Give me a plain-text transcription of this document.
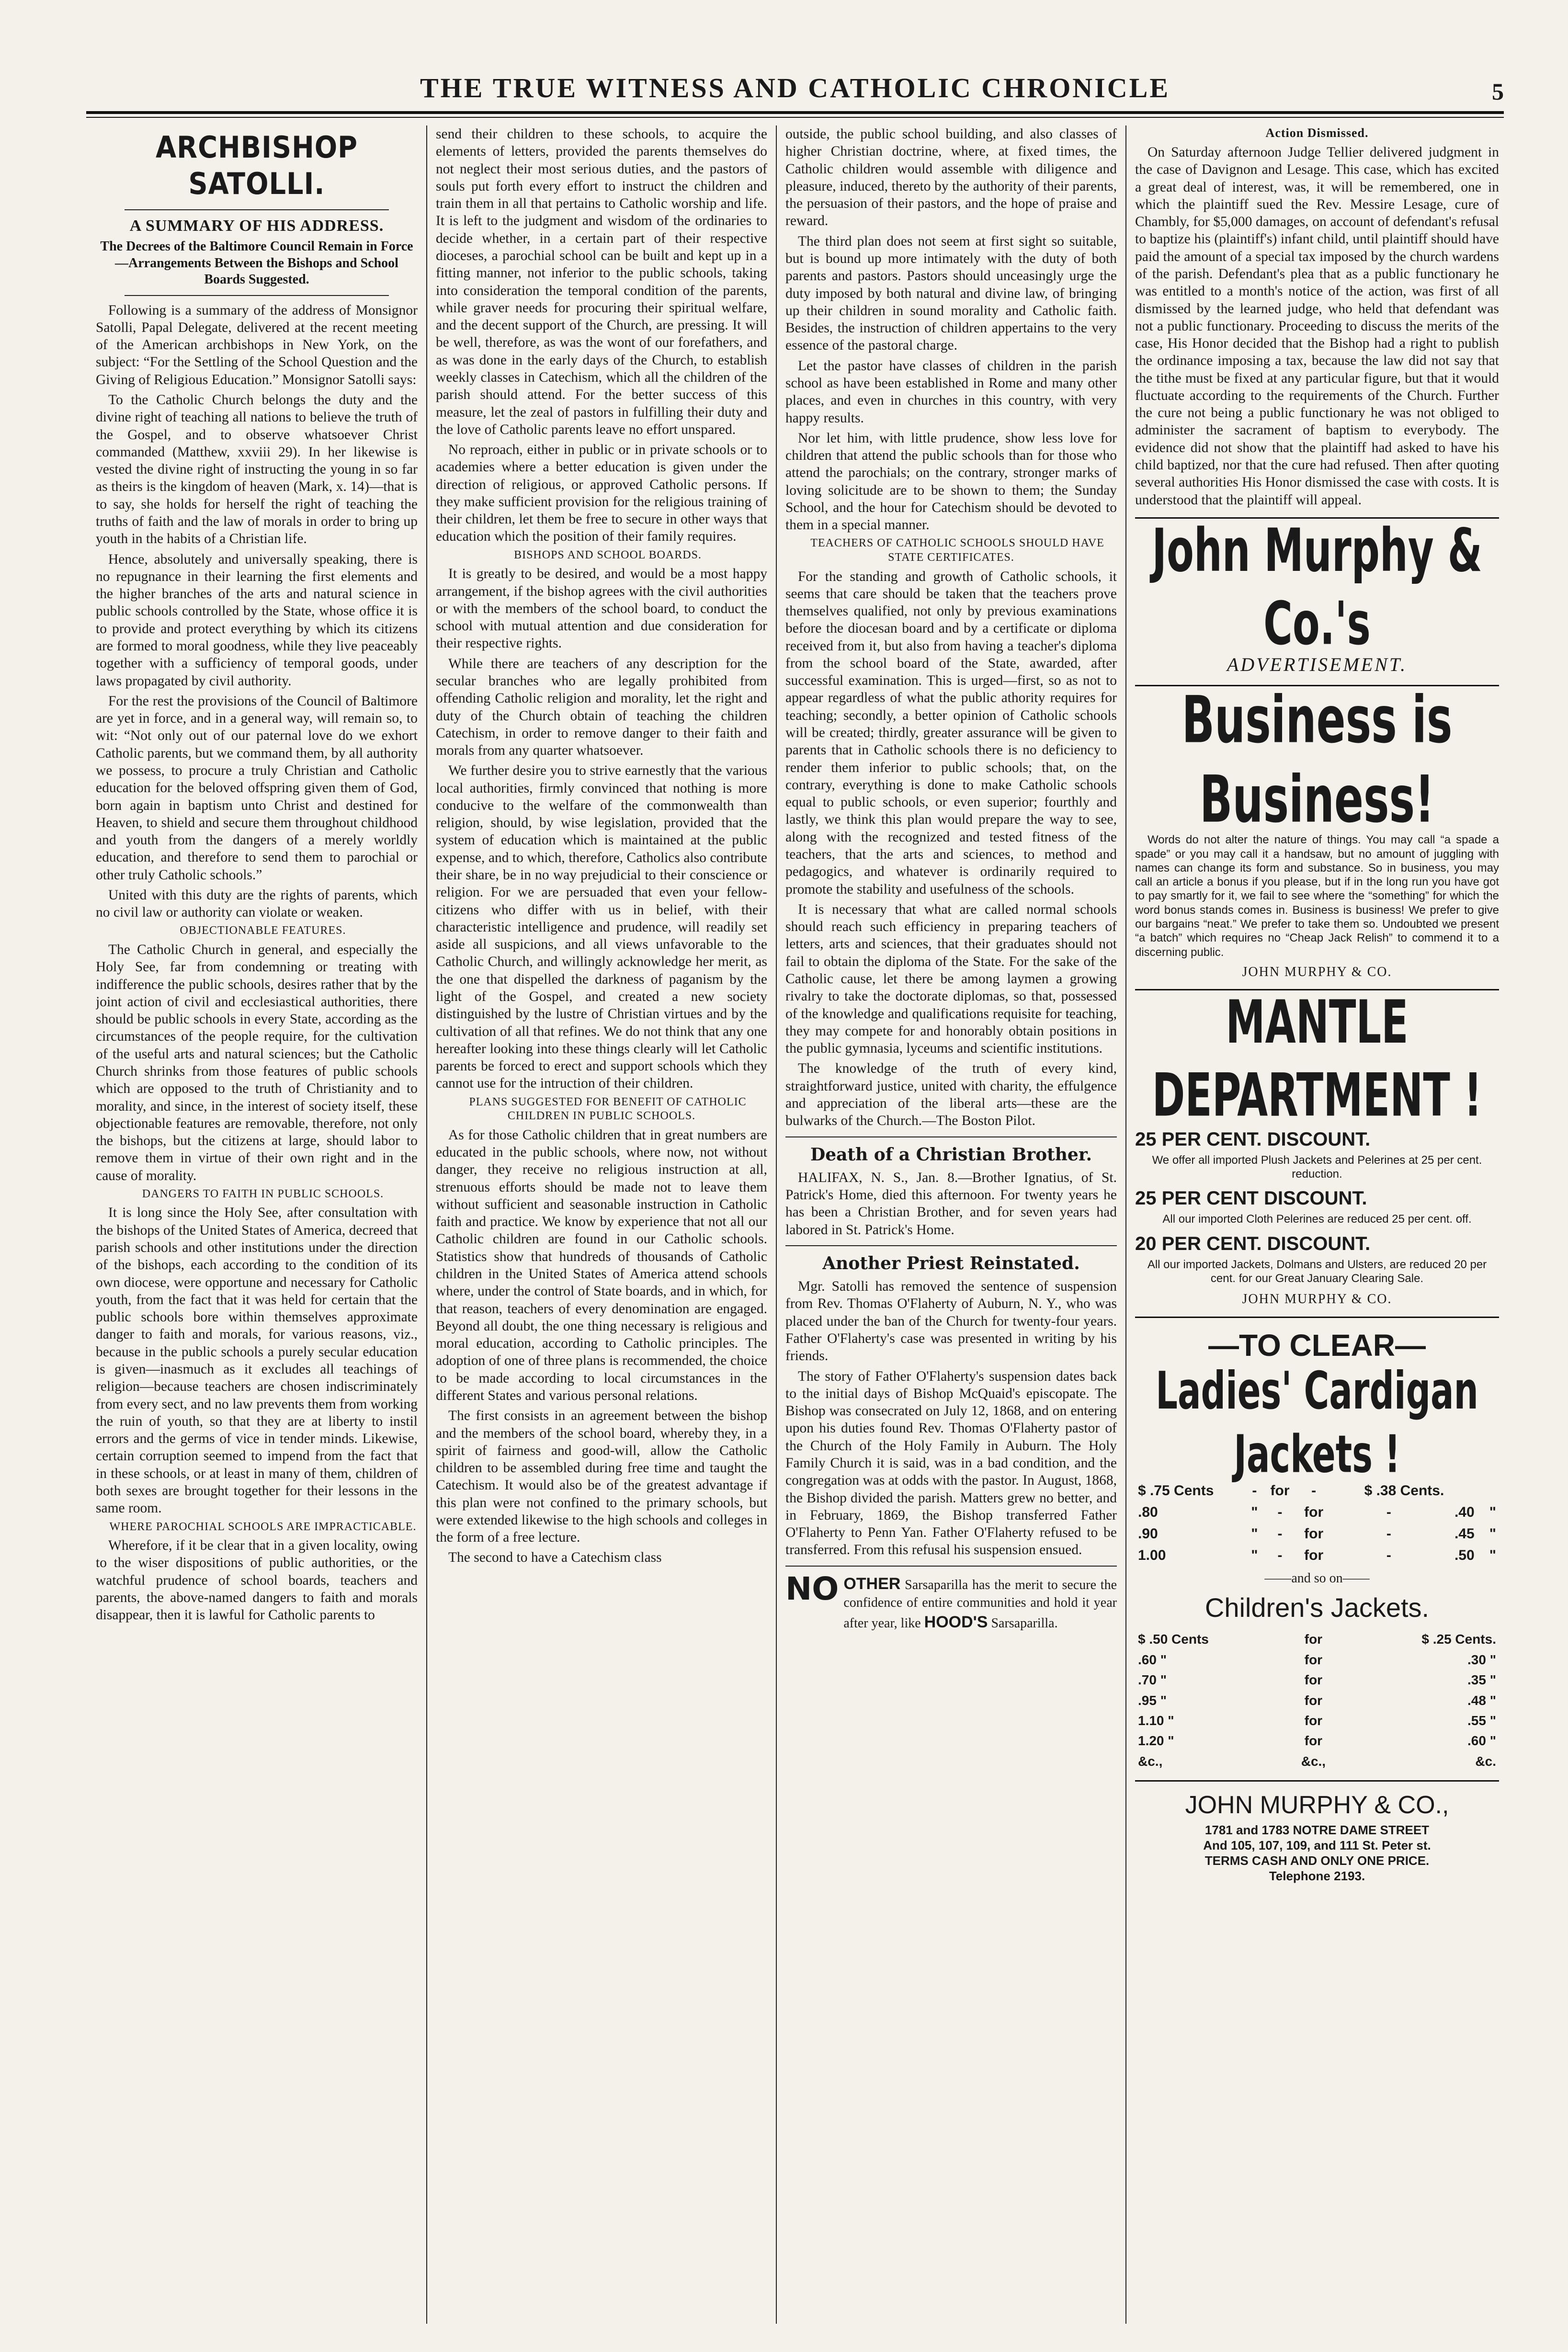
THE TRUE WITNESS AND CATHOLIC CHRONICLE	5
ARCHBISHOP SATOLLI.
A SUMMARY OF HIS ADDRESS.
The Decrees of the Baltimore Council Remain in Force—Arrangements Between the Bishops and School Boards Suggested.

Following is a summary of the address of Monsignor Satolli, Papal Delegate, delivered at the recent meeting of the American archbishops in New York, on the subject: “For the Settling of the School Question and the Giving of Religious Education.” Monsignor Satolli says:

To the Catholic Church belongs the duty and the divine right of teaching all nations to believe the truth of the Gospel, and to observe whatsoever Christ commanded (Matthew, xxviii 29). In her likewise is vested the divine right of instructing the young in so far as theirs is the kingdom of heaven (Mark, x. 14)—that is to say, she holds for herself the right of teaching the truths of faith and the law of morals in order to bring up youth in the habits of a Christian life.

Hence, absolutely and universally speaking, there is no repugnance in their learning the first elements and the higher branches of the arts and natural science in public schools controlled by the State, whose office it is to provide and protect everything by which its citizens are formed to moral goodness, while they live peaceably together with a sufficiency of temporal goods, under laws propagated by civil authority.

For the rest the provisions of the Council of Baltimore are yet in force, and in a general way, will remain so, to wit: “Not only out of our paternal love do we exhort Catholic parents, but we command them, by all authority we possess, to procure a truly Christian and Catholic education for the beloved offspring given them of God, born again in baptism unto Christ and destined for Heaven, to shield and secure them throughout childhood and youth from the dangers of a merely worldly education, and therefore to send them to parochial or other truly Catholic schools.”

United with this duty are the rights of parents, which no civil law or authority can violate or weaken.

OBJECTIONABLE FEATURES.

The Catholic Church in general, and especially the Holy See, far from condemning or treating with indifference the public schools, desires rather that by the joint action of civil and ecclesiastical authorities, there should be public schools in every State, according as the circumstances of the people require, for the cultivation of the useful arts and natural sciences; but the Catholic Church shrinks from those features of public schools which are opposed to the truth of Christianity and to morality, and since, in the interest of society itself, these objectionable features are removable, therefore, not only the bishops, but the citizens at large, should labor to remove them in virtue of their own right and in the cause of morality.

DANGERS TO FAITH IN PUBLIC SCHOOLS.

It is long since the Holy See, after consultation with the bishops of the United States of America, decreed that parish schools and other institutions under the direction of the bishops, each according to the condition of its own diocese, were opportune and necessary for Catholic youth, from the fact that it was held for certain that the public schools bore within themselves approximate danger to faith and morals, for various reasons, viz., because in the public schools a purely secular education is given—inasmuch as it excludes all teachings of religion—because teachers are chosen indiscriminately from every sect, and no law prevents them from working the ruin of youth, so that they are at liberty to instil errors and the germs of vice in tender minds. Likewise, certain corruption seemed to impend from the fact that in these schools, or at least in many of them, children of both sexes are brought together for their lessons in the same room.

WHERE PAROCHIAL SCHOOLS ARE IMPRACTICABLE.

Wherefore, if it be clear that in a given locality, owing to the wiser dispositions of public authorities, or the watchful prudence of school boards, teachers and parents, the above-named dangers to faith and morals disappear, then it is lawful for Catholic parents to

send their children to these schools, to acquire the elements of letters, provided the parents themselves do not neglect their most serious duties, and the pastors of souls put forth every effort to instruct the children and train them in all that pertains to Catholic worship and life. It is left to the judgment and wisdom of the ordinaries to decide whether, in a certain part of their respective dioceses, a parochial school can be built and kept up in a fitting manner, not inferior to the public schools, taking into consideration the temporal condition of the parents, while graver needs for procuring their spiritual welfare, and the decent support of the Church, are pressing. It will be well, therefore, as was the wont of our forefathers, and as was done in the early days of the Church, to establish weekly classes in Catechism, which all the children of the parish should attend. For the better success of this measure, let the zeal of pastors in fulfilling their duty and the love of Catholic parents leave no effort unspared.

No reproach, either in public or in private schools or to academies where a better education is given under the direction of religious, or approved Catholic persons. If they make sufficient provision for the religious training of their children, let them be free to secure in other ways that education which the position of their family requires.

BISHOPS AND SCHOOL BOARDS.

It is greatly to be desired, and would be a most happy arrangement, if the bishop agrees with the civil authorities or with the members of the school board, to conduct the school with mutual attention and due consideration for their respective rights.

While there are teachers of any description for the secular branches who are legally prohibited from offending Catholic religion and morality, let the right and duty of the Church obtain of teaching the children Catechism, in order to remove danger to their faith and morals from any quarter whatsoever.

We further desire you to strive earnestly that the various local authorities, firmly convinced that nothing is more conducive to the welfare of the commonwealth than religion, should, by wise legislation, provided that the system of education which is maintained at the public expense, and to which, therefore, Catholics also contribute their share, be in no way prejudicial to their conscience or religion. For we are persuaded that even your fellow-citizens who differ with us in belief, with their characteristic intelligence and prudence, will readily set aside all suspicions, and all views unfavorable to the Catholic Church, and willingly acknowledge her merit, as the one that dispelled the darkness of paganism by the light of the Gospel, and created a new society distinguished by the lustre of Christian virtues and by the cultivation of all that refines. We do not think that any one hereafter looking into these things clearly will let Catholic parents be forced to erect and support schools which they cannot use for the intruction of their children.

PLANS SUGGESTED FOR BENEFIT OF CATHOLIC CHILDREN IN PUBLIC SCHOOLS.

As for those Catholic children that in great numbers are educated in the public schools, where now, not without danger, they receive no religious instruction at all, strenuous efforts should be made not to leave them without sufficient and seasonable instruction in Catholic faith and practice. We know by experience that not all our Catholic children are found in our Catholic schools. Statistics show that hundreds of thousands of Catholic children in the United States of America attend schools where, under the control of State boards, and in which, for that reason, teachers of every denomination are engaged. Beyond all doubt, the one thing necessary is religious and moral education, according to Catholic principles. The adoption of one of three plans is recommended, the choice to be made according to local circumstances in the different States and various personal relations.

The first consists in an agreement between the bishop and the members of the school board, whereby they, in a spirit of fairness and good-will, allow the Catholic children to be assembled during free time and taught the Catechism. It would also be of the greatest advantage if this plan were not confined to the primary schools, but were extended likewise to the high schools and colleges in the form of a free lecture.

The second to have a Catechism class

outside, the public school building, and also classes of higher Christian doctrine, where, at fixed times, the Catholic children would assemble with diligence and pleasure, induced, thereto by the authority of their parents, the persuasion of their pastors, and the hope of praise and reward.

The third plan does not seem at first sight so suitable, but is bound up more intimately with the duty of both parents and pastors. Pastors should unceasingly urge the duty imposed by both natural and divine law, of bringing up their children in sound morality and Catholic faith. Besides, the instruction of children appertains to the very essence of the pastoral charge.

Let the pastor have classes of children in the parish school as have been established in Rome and many other places, and even in churches in this country, with very happy results.

Nor let him, with little prudence, show less love for children that attend the public schools than for those who attend the parochials; on the contrary, stronger marks of loving solicitude are to be shown to them; the Sunday School, and the hour for Catechism should be devoted to them in a special manner.

TEACHERS OF CATHOLIC SCHOOLS SHOULD HAVE STATE CERTIFICATES.

For the standing and growth of Catholic schools, it seems that care should be taken that the teachers prove themselves qualified, not only by previous examinations before the diocesan board and by a certificate or diploma received from it, but also from having a teacher's diploma from the school board of the State, awarded, after successful examination. This is urged—first, so as not to appear regardless of what the public athority requires for teaching; secondly, a better opinion of Catholic schools will be created; thirdly, greater assurance will be given to parents that in Catholic schools there is no deficiency to render them inferior to public schools; that, on the contrary, everything is done to make Catholic schools equal to public schools, or even superior; fourthly and lastly, we think this plan would prepare the way to see, along with the recognized and tested fitness of the teachers, that the arts and sciences, to method and pedagogics, and whatever is ordinarily required to promote the stability and usefulness of the schools.

It is necessary that what are called normal schools should reach such efficiency in preparing teachers of letters, arts and sciences, that their graduates should not fail to obtain the diploma of the State. For the sake of the Catholic cause, let there be among laymen a growing rivalry to take the doctorate diplomas, so that, possessed of the knowledge and qualifications requisite for teaching, they may compete for and honorably obtain positions in the public gymnasia, lyceums and scientific institutions.

The knowledge of the truth of every kind, straightforward justice, united with charity, the effulgence and appreciation of the liberal arts—these are the bulwarks of the Church.—The Boston Pilot.

Death of a Christian Brother.

HALIFAX, N. S., Jan. 8.—Brother Ignatius, of St. Patrick's Home, died this afternoon. For twenty years he has been a Christian Brother, and for seven years had labored in St. Patrick's Home.

Another Priest Reinstated.

Mgr. Satolli has removed the sentence of suspension from Rev. Thomas O'Flaherty of Auburn, N. Y., who was placed under the ban of the Church for twenty-four years. Father O'Flaherty's case was presented in writing by his friends.

The story of Father O'Flaherty's suspension dates back to the initial days of Bishop McQuaid's episcopate. The Bishop was consecrated on July 12, 1868, and on entering upon his duties found Rev. Thomas O'Flaherty pastor of the Church of the Holy Family in Auburn. The Holy Family Church it is said, was in a bad condition, and the congregation was at odds with the pastor. In August, 1868, the Bishop divided the parish. Matters grew no better, and in February, 1869, the Bishop transferred Father O'Flaherty to Penn Yan. Father O'Flaherty refused to be transferred. From this refusal his suspension ensued.

NO OTHER Sarsaparilla has the merit to secure the confidence of entire communities and hold it year after year, like HOOD'S Sarsaparilla.
Action Dismissed.

On Saturday afternoon Judge Tellier delivered judgment in the case of Davignon and Lesage. This case, which has excited a great deal of interest, was, it will be remembered, one in which the plaintiff sued the Rev. Messire Lesage, cure of Chambly, for $5,000 damages, on account of defendant's refusal to baptize his (plaintiff's) infant child, until plaintiff should have paid the amount of a special tax imposed by the church wardens of the parish. Defendant's plea that as a public functionary he was entitled to a month's notice of the action, was first of all dismissed by the learned judge, who held that defendant was not a public functionary. Proceeding to discuss the merits of the case, His Honor decided that the Bishop had a right to publish the ordinance imposing a tax, because the law did not say that the tithe must be fixed at any particular figure, but that it would fluctuate according to the requirements of the Church. Further the cure not being a public functionary he was not obliged to administer the sacrament of baptism to everybody. The evidence did not show that the plaintiff had asked to have his child baptized, nor that the cure had refused. Then after quoting several authorities His Honor dismissed the case with costs. It is understood that the plaintiff will appeal.

John Murphy & Co.'s
ADVERTISEMENT.
Business is Business!

Words do not alter the nature of things. You may call “a spade a spade” or you may call it a handsaw, but no amount of juggling with names can change its form and substance. So in business, you may call an article a bonus if you please, but if in the long run you have got to pay smartly for it, we fail to see where the “something” for which the word bonus stands comes in. Business is business! We prefer to give our bargains “neat.” We prefer to take them so. Undoubted we present “a batch” which requires no “Cheap Jack Relish” to commend it to a discerning public.

JOHN MURPHY & CO.
MANTLE DEPARTMENT !
25 PER CENT. DISCOUNT.
We offer all imported Plush Jackets and Pelerines at 25 per cent. reduction.
25 PER CENT DISCOUNT.
All our imported Cloth Pelerines are reduced 25 per cent. off.
20 PER CENT. DISCOUNT.
All our imported Jackets, Dolmans and Ulsters, are reduced 20 per cent. for our Great January Clearing Sale.
JOHN MURPHY & CO.
—TO CLEAR—
Ladies' Cardigan Jackets !
$ .75 Cents	-	for	-	$ .38 Cents.		
.80	"	-	for	-	.40	"
.90	"	-	for	-	.45	"
1.00	"	-	for	-	.50	"
——and so on——
Children's Jackets.
$ .50 Cents	for	$ .25 Cents.
.60 "	for	.30 "
.70 "	for	.35 "
.95 "	for	.48 "
1.10 "	for	.55 "
1.20 "	for	.60 "
&c.,	&c.,	&c.
JOHN MURPHY & CO.,
1781 and 1783 NOTRE DAME STREET
And 105, 107, 109, and 111 St. Peter st.
TERMS CASH AND ONLY ONE PRICE.
Telephone 2193.
